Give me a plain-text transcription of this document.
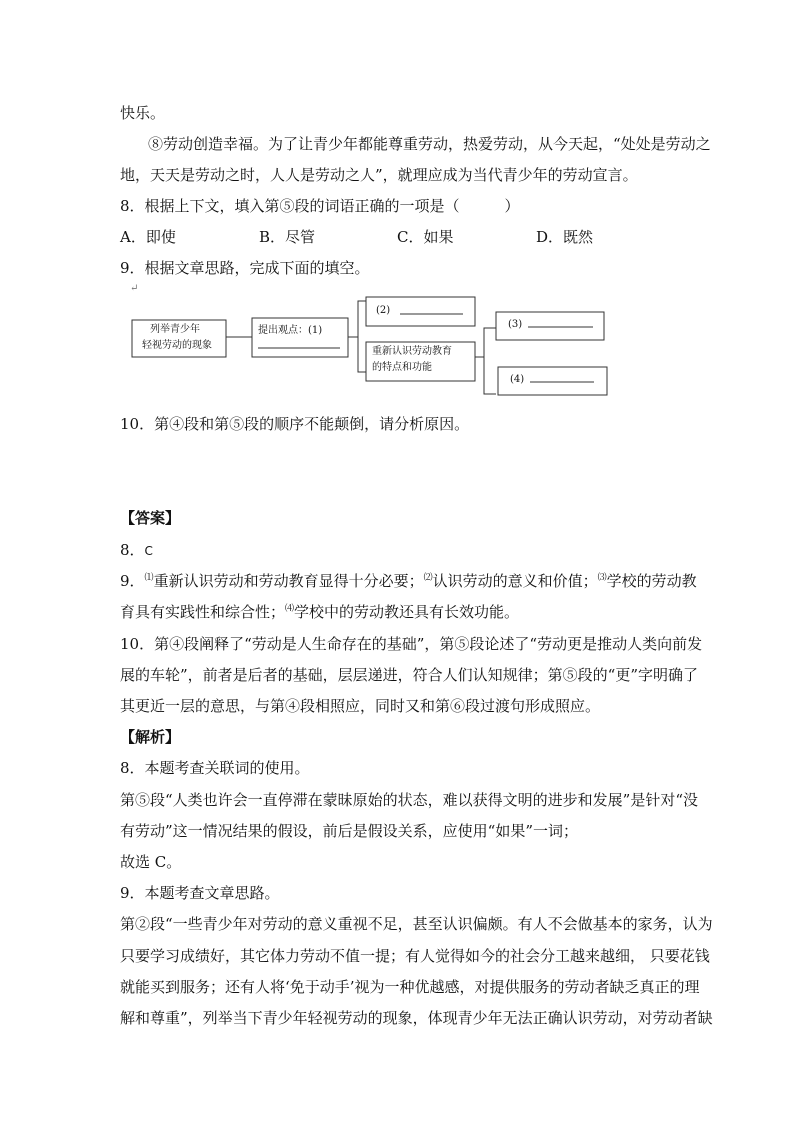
快乐。
⑧劳动创造幸福。为了让青少年都能尊重劳动，热爱劳动，从今天起，“处处是劳动之
地，天天是劳动之时，人人是劳动之人”，就理应成为当代青少年的劳动宣言。
8．根据上下文，填入第⑤段的词语正确的一项是（　　　）
A．即使	B．尽管	C．如果	D．既然
9．根据文章思路，完成下面的填空。
↵
列举青少年
轻视劳动的现象
提出观点：(1)
(2)
重新认识劳动教育
的特点和功能
(3)
(4)
10．第④段和第⑤段的顺序不能颠倒，请分析原因。
【答案】
8．C
9．⑴重新认识劳动和劳动教育显得十分必要；⑵认识劳动的意义和价值；⑶学校的劳动教
育具有实践性和综合性；⑷学校中的劳动教还具有长效功能。
10．第④段阐释了“劳动是人生命存在的基础”，第⑤段论述了“劳动更是推动人类向前发
展的车轮”，前者是后者的基础，层层递进，符合人们认知规律；第⑤段的“更”字明确了
其更近一层的意思，与第④段相照应，同时又和第⑥段过渡句形成照应。
【解析】
8．本题考查关联词的使用。
第⑤段“人类也许会一直停滞在蒙昧原始的状态，难以获得文明的进步和发展”是针对“没
有劳动”这一情况结果的假设，前后是假设关系，应使用“如果”一词；
故选 C。
9．本题考查文章思路。
第②段“一些青少年对劳动的意义重视不足，甚至认识偏颇。有人不会做基本的家务，认为
只要学习成绩好，其它体力劳动不值一提；有人觉得如今的社会分工越来越细， 只要花钱
就能买到服务；还有人将‘免于动手’视为一种优越感，对提供服务的劳动者缺乏真正的理
解和尊重”，列举当下青少年轻视劳动的现象，体现青少年无法正确认识劳动，对劳动者缺
